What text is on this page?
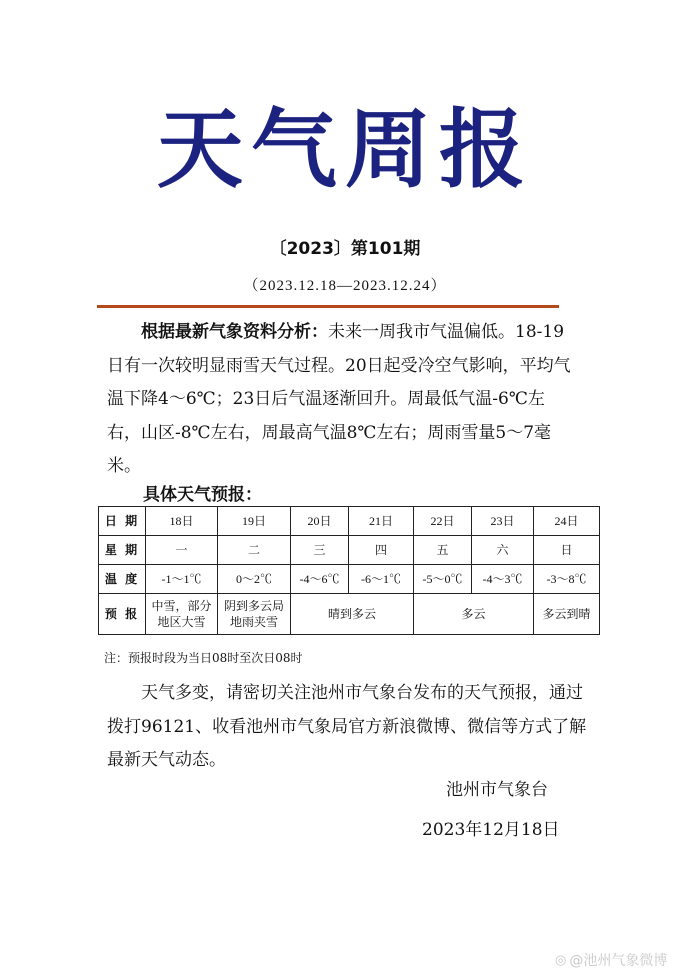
天气周报
〔2023〕第101期
（2023.12.18—2023.12.24）

根据最新气象资料分析：未来一周我市气温偏低。18-19日有一次较明显雨雪天气过程。20日起受冷空气影响，平均气温下降4～6℃；23日后气温逐渐回升。周最低气温-6℃左右，山区-8℃左右，周最高气温8℃左右；周雨雪量5～7毫米。

具体天气预报：
日 期	18日	19日	20日	21日	22日	23日	24日
星 期	一	二	三	四	五	六	日
温 度	-1～1℃	0～2℃	-4～6℃	-6～1℃	-5～0℃	-4～3℃	-3～8℃
预 报	中雪，部分地区大雪	阴到多云局地雨夹雪	晴到多云		多云		多云到晴
注：预报时段为当日08时至次日08时

天气多变，请密切关注池州市气象台发布的天气预报，通过拨打96121、收看池州市气象局官方新浪微博、微信等方式了解最新天气动态。

池州市气象台
2023年12月18日
◎ @池州气象微博
